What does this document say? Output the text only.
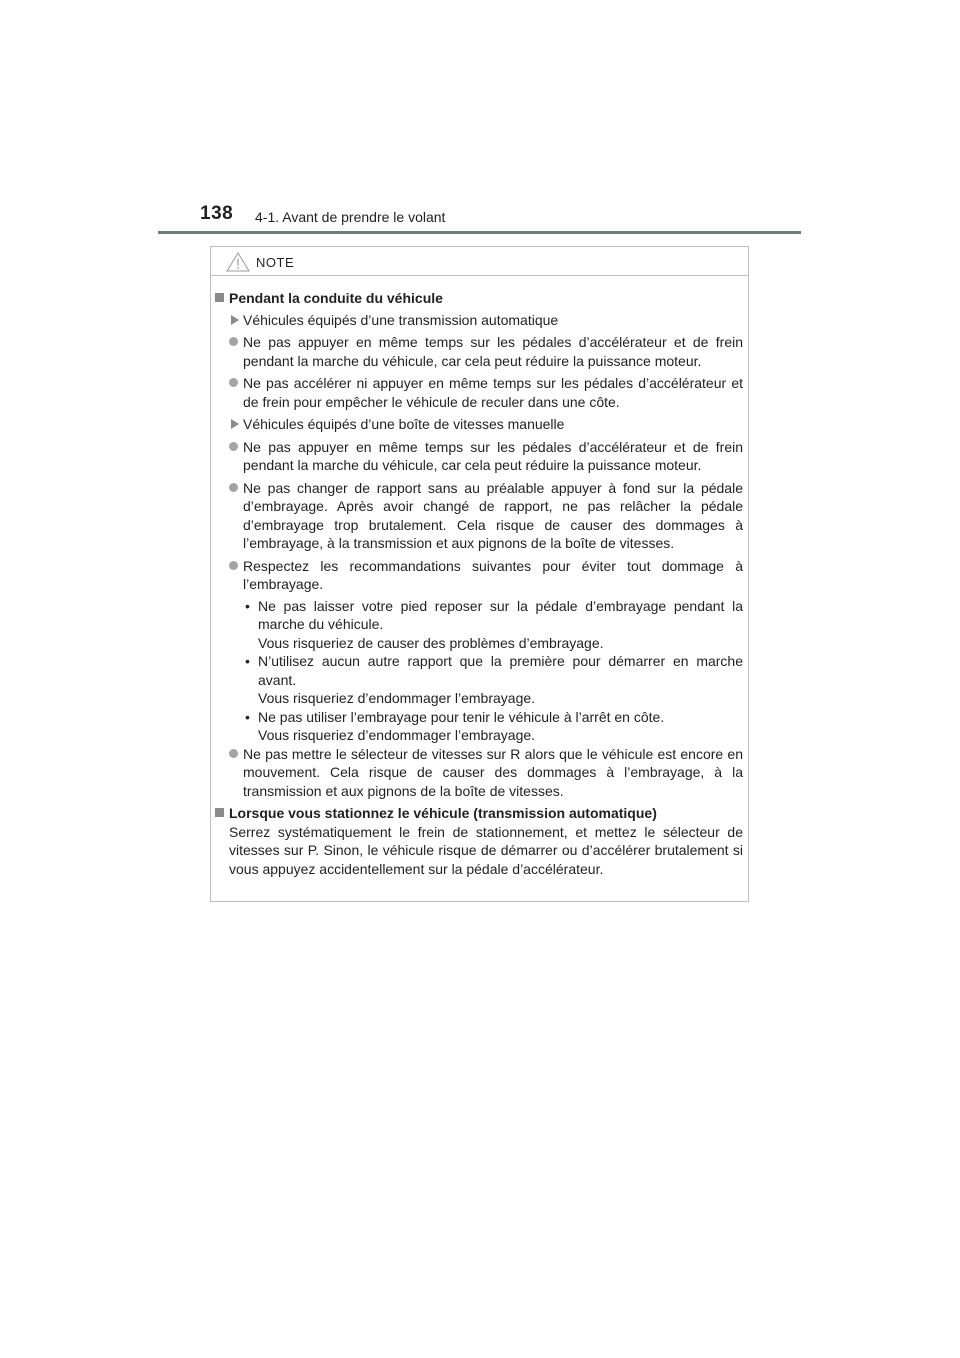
138 4-1. Avant de prendre le volant
NOTE
Pendant la conduite du véhicule
Véhicules équipés d’une transmission automatique
Ne pas appuyer en même temps sur les pédales d’accélérateur et de frein pendant la marche du véhicule, car cela peut réduire la puissance moteur.
Ne pas accélérer ni appuyer en même temps sur les pédales d’accélérateur et de frein pour empêcher le véhicule de reculer dans une côte.
Véhicules équipés d’une boîte de vitesses manuelle
Ne pas appuyer en même temps sur les pédales d’accélérateur et de frein pendant la marche du véhicule, car cela peut réduire la puissance moteur.
Ne pas changer de rapport sans au préalable appuyer à fond sur la pédale d’embrayage. Après avoir changé de rapport, ne pas relâcher la pédale d’embrayage trop brutalement. Cela risque de causer des dommages à l’embrayage, à la transmission et aux pignons de la boîte de vitesses.
Respectez les recommandations suivantes pour éviter tout dommage à l’embrayage.
• Ne pas laisser votre pied reposer sur la pédale d’embrayage pendant la marche du véhicule.
Vous risqueriez de causer des problèmes d’embrayage.
• N’utilisez aucun autre rapport que la première pour démarrer en marche avant.
Vous risqueriez d’endommager l’embrayage.
• Ne pas utiliser l’embrayage pour tenir le véhicule à l’arrêt en côte.
Vous risqueriez d’endommager l’embrayage.
Ne pas mettre le sélecteur de vitesses sur R alors que le véhicule est encore en mouvement. Cela risque de causer des dommages à l’embrayage, à la transmission et aux pignons de la boîte de vitesses.
Lorsque vous stationnez le véhicule (transmission automatique)
Serrez systématiquement le frein de stationnement, et mettez le sélecteur de vitesses sur P. Sinon, le véhicule risque de démarrer ou d’accélérer brutalement si vous appuyez accidentellement sur la pédale d’accélérateur.
